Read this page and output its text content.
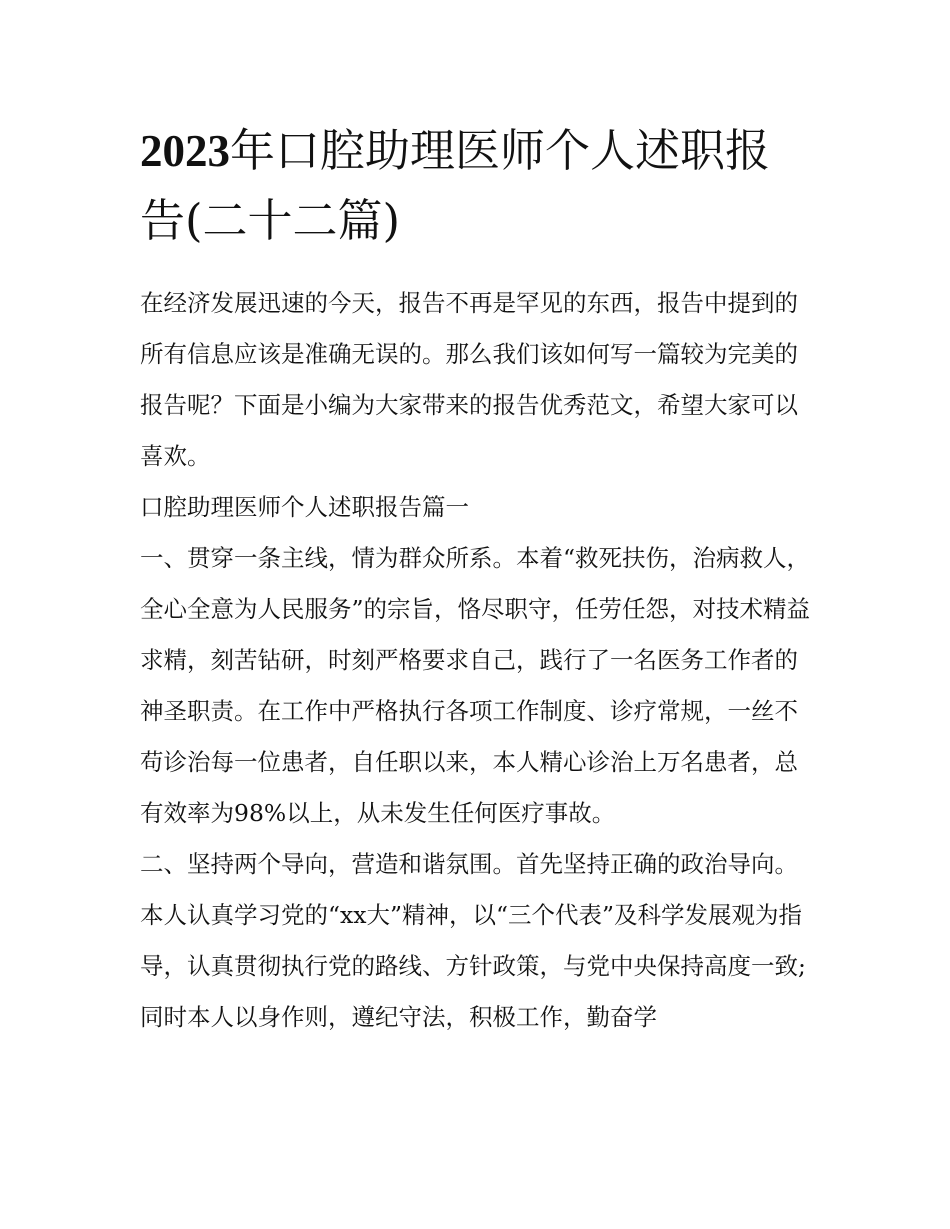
2023年口腔助理医师个人述职报告(二十二篇)

在经济发展迅速的今天，报告不再是罕见的东西，报告中提到的所有信息应该是准确无误的。那么我们该如何写一篇较为完美的报告呢？下面是小编为大家带来的报告优秀范文，希望大家可以喜欢。

口腔助理医师个人述职报告篇一

一、贯穿一条主线，情为群众所系。本着“救死扶伤，治病救人，全心全意为人民服务”的宗旨，恪尽职守，任劳任怨，对技术精益求精，刻苦钻研，时刻严格要求自己，践行了一名医务工作者的神圣职责。在工作中严格执行各项工作制度、诊疗常规，一丝不苟诊治每一位患者，自任职以来，本人精心诊治上万名患者，总有效率为98%以上，从未发生任何医疗事故。

二、坚持两个导向，营造和谐氛围。首先坚持正确的政治导向。本人认真学习党的“xx大”精神，以“三个代表”及科学发展观为指导，认真贯彻执行党的路线、方针政策，与党中央保持高度一致;同时本人以身作则，遵纪守法，积极工作，勤奋学
